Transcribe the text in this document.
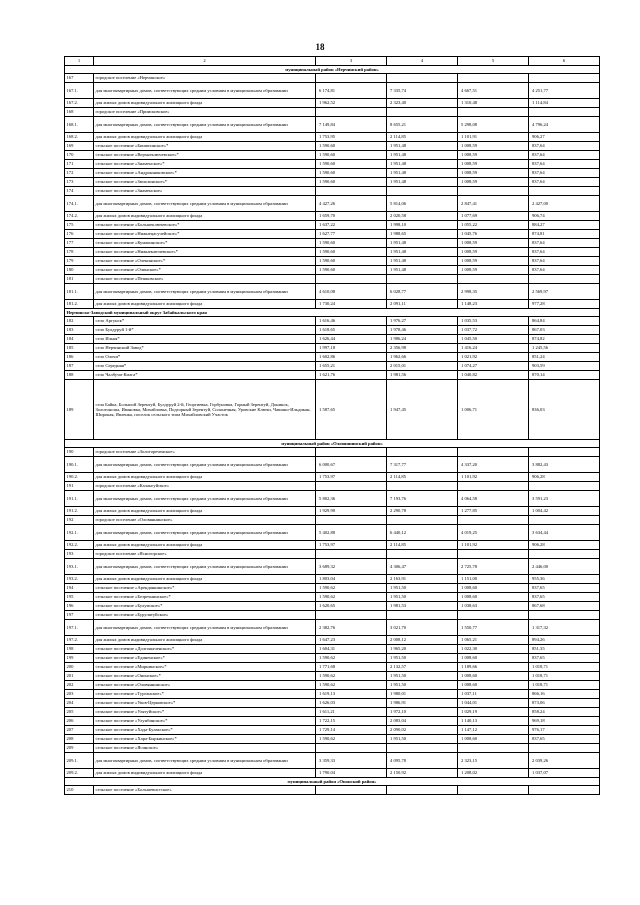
18
1	2	3	4	5	6
муниципальный район «Нерчинский район»					
167	городское поселение «Нерчинское»				
167.1.	для многоквартирных домов, соответствующих средним условиям в муниципальном образовании	6 174,81	7 335,74	4 667,51	4 251,77
167.2.	для жилых домов индивидуального жилищного фонда	1 962,52	2 323,40	1 310,48	1 114,84
168	городское поселение «Приисковское»				
168.1.	для многоквартирных домов, соответствующих средним условиям в муниципальном образовании	7 149,84	8 655,21	5 298,08	4 796,24
168.2.	для жилых домов индивидуального жилищного фонда	1 753,95	2 114,85	1 101,91	906,27
169	сельское поселение «Бишигинское»*	1 590,60	1 951,48	1 008,59	837,64
170	сельское поселение «Верхнеключевское»*	1 590,60	1 951,48	1 008,59	837,64
171	сельское поселение «Знаменское»*	1 590,60	1 951,48	1 008,59	837,64
172	сельское поселение «Андронниковское»*	1 590,60	1 951,48	1 008,59	837,64
173	сельское поселение «Зюльзинское»*	1 590,60	1 951,48	1 008,59	837,64
174	сельское поселение «Знаменское»				
174.1.	для многоквартирных домов, соответствующих средним условиям в муниципальном образовании	4 427,26	5 814,06	2 847,41	2 427,00
174.2.	для жилых домов индивидуального жилищного фонда	1 659,70	2 020,58	1 077,69	906,74
175	сельское поселение «Большеключевское»*	1 637,22	1 998,10	1 055,22	884,27
176	сельское поселение «Нижнецасучейское»*	1 627,77	1 988,65	1 045,76	874,81
177	сельское поселение «Кумакинское»*	1 590,60	1 951,48	1 008,59	837,64
178	сельское поселение «Нижнеключевское»*	1 590,60	1 951,48	1 008,59	837,64
179	сельское поселение «Олекинское»*	1 590,60	1 951,48	1 008,59	837,64
180	сельское поселение «Олинское»*	1 590,60	1 951,48	1 008,59	837,64
181	сельское поселение «Пешковское»				
181.1.	для многоквартирных домов, соответствующих средним условиям в муниципальном образовании	4 610,08	6 028,77	2 998,35	2 569,97
181.2.	для жилых домов индивидуального жилищного фонда	1 730,24	2 091,11	1 148,23	977,28
Нерчинско-Заводский муниципальный округ Забайкальского края					
182	село Аргунск*	1 616,46	1 976,27	1 035,53	864,84
183	село Булдуруй 1-й*	1 618,65	1 978,46	1 037,72	867,03
184	село Илькя*	1 626,44	1 986,24	1 045,50	874,82
185	село Нерчинский Завод*	1 997,18	2 356,98	1 416,24	1 245,56
186	село Олочи*	1 602,86	1 962,66	1 021,92	851,24
187	село Середняя*	1 655,21	2 015,01	1 074,27	903,59
188	село Чалбучи-Килга*	1 621,76	1 981,56	1 040,82	870,14
189	села Байка, Большой Зерентуй, Булдуруй 2-й, Георгиевка, Горбуновка, Горный Зерентуй, Донинск, Золотоноша, Ивановка, Михайловка, Подгорный Зерентуй, Солонечная, Уровские Ключи, Чашино-Ильдикан, Широкая, Явленка, поселок сельского типа Михайловский Участок	1 587,65	1 947,45	1 006,71	836,03
муниципальный район «Оловяннинский район»					
190	городское поселение «Золотореченское»				
190.1.	для многоквартирных домов, соответствующих средним условиям в муниципальном образовании	6 000,67	7 317,77	4 337,20	3 882,43
190.2.	для жилых домов индивидуального жилищного фонда	1 753,97	2 114,85	1 101,92	906,28
191	городское поселение «Калангуйское»				
191.1.	для многоквартирных домов, соответствующих средним условиям в муниципальном образовании	5 802,36	7 193,76	4 064,58	3 591,23
191.2.	для жилых домов индивидуального жилищного фонда	1 929,90	2 290,78	1 277,85	1 004,42
192	городское поселение «Оловяннинское»				
192.1.	для многоквартирных домов, соответствующих средним условиям в муниципальном образовании	5 402,88	6 440,12	4 019,25	3 634,44
192.2.	для жилых домов индивидуального жилищного фонда	1 753,97	2 114,85	1 101,92	906,28
193	городское поселение «Ясногорское»				
193.1.	для многоквартирных домов, соответствующих средним условиям в муниципальном образовании	3 689,32	4 306,47	2 725,78	2 446,00
193.2.	для жилых домов индивидуального жилищного фонда	1 803,04	2 163,91	1 151,00	955,36
194	сельское поселение «Аренданкинское»*	1 590,62	1 951,50	1 008,60	837,65
195	сельское поселение «Безречнинское»*	1 590,62	1 951,50	1 008,60	837,65
196	сельское поселение «Булумское»*	1 620,65	1 981,53	1 038,63	867,68
197	сельское поселение «Бурулятуйское»				
197.1.	для многоквартирных домов, соответствующих средним условиям в муниципальном образовании	2 382,76	3 021,70	1 550,77	1 317,32
197.2.	для жилых домов индивидуального жилищного фонда	1 647,23	2 008,12	1 065,21	894,26
198	сельское поселение «Долгокыченское»*	1 604,31	1 965,20	1 022,30	851,35
199	сельское поселение «Единенское»*	1 590,62	1 951,50	1 008,60	837,65
200	сельское поселение «Мирнинское»*	1 771,68	2 132,57	1 189,66	1 018,71
201	сельское поселение «Ононское»*	1 590,62	1 951,50	1 008,60	1 018,71
202	сельское поселение «Оловяннинское»	1 590,62	1 951,50	1 008,60	1 018,71
203	сельское поселение «Турганское»*	1 619,13	1 980,01	1 037,11	866,16
204	сельское поселение «Уков-Церковское»*	1 626,03	1 986,91	1 044,01	873,06
205	сельское поселение «Улятуйское»*	1 611,21	1 972,10	1 029,19	858,24
206	сельское поселение «Улунбинское»*	1 722,15	2 083,04	1 140,13	969,18
207	сельское поселение «Хада-Булакское»*	1 729,14	2 090,02	1 147,12	976,17
208	сельское поселение «Хара-Быркинское»*	1 590,62	1 951,50	1 008,60	837,65
209	сельское поселение «Ясинское»				
209.1.	для многоквартирных домов, соответствующих средним условиям в муниципальном образовании	3 359,33	4 095,78	2 323,15	2 039,26
209.2.	для жилых домов индивидуального жилищного фонда	1 790,04	2 150,92	1 208,02	1 037,07
муниципальный район «Ононский район»					
210	сельское поселение «Большевистское»				
